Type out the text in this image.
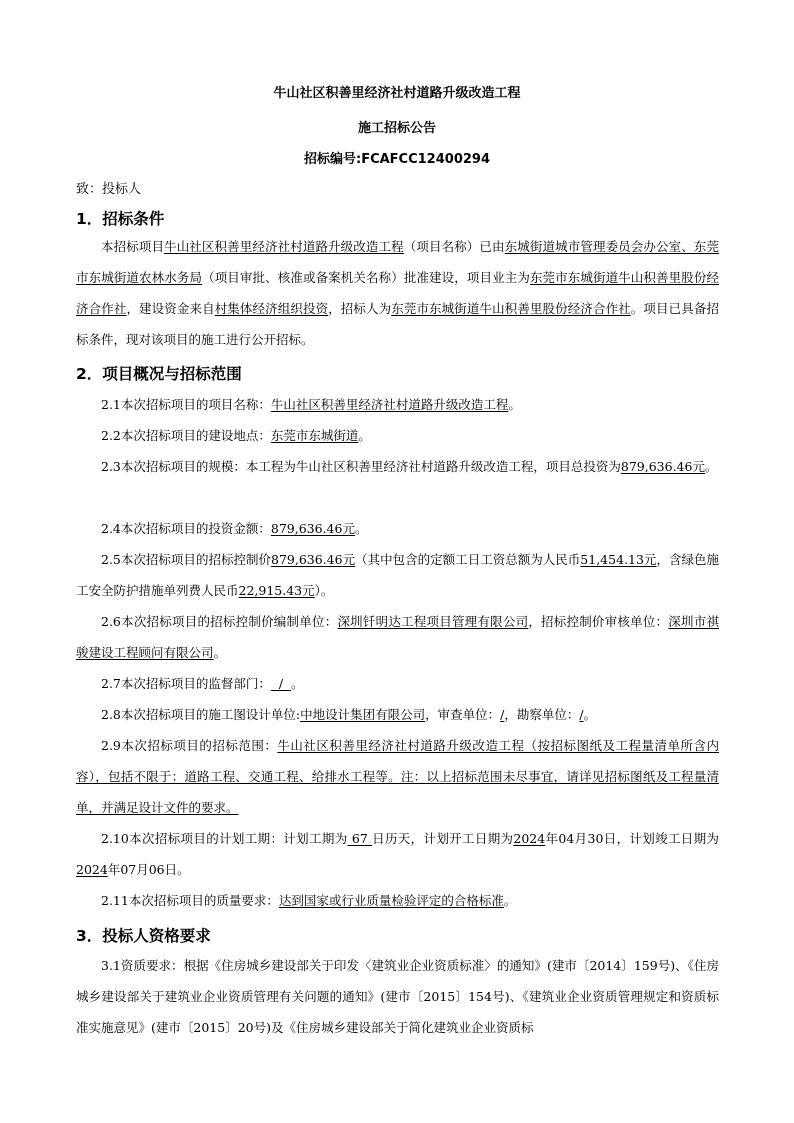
牛山社区积善里经济社村道路升级改造工程
施工招标公告
招标编号:FCAFCC12400294
致：投标人
1．招标条件
本招标项目牛山社区积善里经济社村道路升级改造工程（项目名称）已由东城街道城市管理委员会办公室、东莞市东城街道农林水务局（项目审批、核准或备案机关名称）批准建设，项目业主为东莞市东城街道牛山积善里股份经济合作社，建设资金来自村集体经济组织投资，招标人为东莞市东城街道牛山积善里股份经济合作社。项目已具备招标条件，现对该项目的施工进行公开招标。
2．项目概况与招标范围
2.1本次招标项目的项目名称：牛山社区积善里经济社村道路升级改造工程。
2.2本次招标项目的建设地点：东莞市东城街道。
2.3本次招标项目的规模：本工程为牛山社区积善里经济社村道路升级改造工程，项目总投资为879,636.46元。
2.4本次招标项目的投资金额：879,636.46元。
2.5本次招标项目的招标控制价879,636.46元（其中包含的定额工日工资总额为人民币51,454.13元，含绿色施工安全防护措施单列费人民币22,915.43元）。
2.6本次招标项目的招标控制价编制单位：深圳钎明达工程项目管理有限公司，招标控制价审核单位：深圳市祺骏建设工程顾问有限公司。
2.7本次招标项目的监督部门：  /  。
2.8本次招标项目的施工图设计单位:中地设计集团有限公司，审查单位：/，勘察单位：/。
2.9本次招标项目的招标范围：牛山社区积善里经济社村道路升级改造工程（按招标图纸及工程量清单所含内容），包括不限于：道路工程、交通工程、给排水工程等。注：以上招标范围未尽事宜，请详见招标图纸及工程量清单，并满足设计文件的要求。
2.10本次招标项目的计划工期：计划工期为 67 日历天，计划开工日期为2024年04月30日，计划竣工日期为2024年07月06日。
2.11本次招标项目的质量要求：达到国家或行业质量检验评定的合格标准。
3．投标人资格要求
3.1资质要求：根据《住房城乡建设部关于印发〈建筑业企业资质标准〉的通知》(建市〔2014〕159号)、《住房城乡建设部关于建筑业企业资质管理有关问题的通知》(建市〔2015〕154号)、《建筑业企业资质管理规定和资质标准实施意见》(建市〔2015〕20号)及《住房城乡建设部关于简化建筑业企业资质标
